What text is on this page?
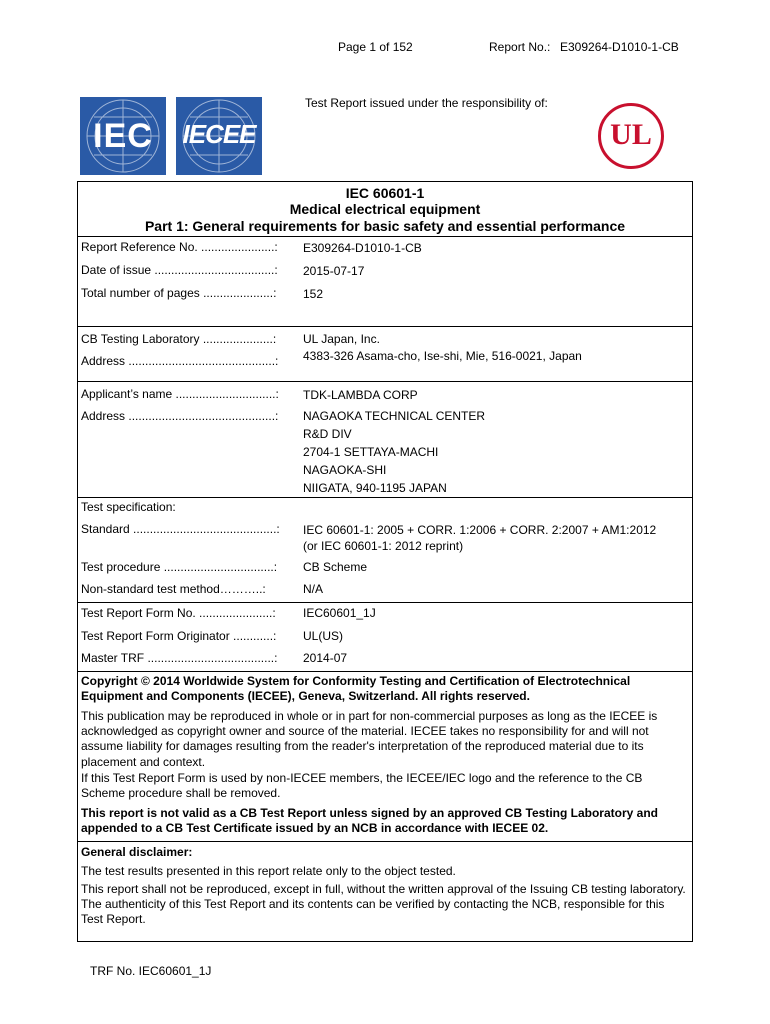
Page 1 of 152	Report No.: E309264-D1010-1-CB
IEC	IECEE
Test Report issued under the responsibility of:
UL
IEC 60601-1
Medical electrical equipment
Part 1: General requirements for basic safety and essential performance
Report Reference No. ......................: E309264-D1010-1-CB
Date of issue ....................................: 2015-07-17
Total number of pages .....................: 152
CB Testing Laboratory .....................: UL Japan, Inc.
Address ............................................: 4383-326 Asama-cho, Ise-shi, Mie, 516-0021, Japan
Applicant’s name ..............................: TDK-LAMBDA CORP
Address ............................................: NAGAOKA TECHNICAL CENTER
R&D DIV
2704-1 SETTAYA-MACHI
NAGAOKA-SHI
NIIGATA, 940-1195 JAPAN
Test specification:
Standard ...........................................: IEC 60601-1: 2005 + CORR. 1:2006 + CORR. 2:2007 + AM1:2012
(or IEC 60601-1: 2012 reprint)
Test procedure .................................: CB Scheme
Non-standard test method………..:	N/A
Test Report Form No. ......................: IEC60601_1J
Test Report Form Originator ............: UL(US)
Master TRF ......................................: 2014-07
Copyright © 2014 Worldwide System for Conformity Testing and Certification of Electrotechnical Equipment and Components (IECEE), Geneva, Switzerland. All rights reserved.
This publication may be reproduced in whole or in part for non-commercial purposes as long as the IECEE is acknowledged as copyright owner and source of the material. IECEE takes no responsibility for and will not assume liability for damages resulting from the reader's interpretation of the reproduced material due to its placement and context.
If this Test Report Form is used by non-IECEE members, the IECEE/IEC logo and the reference to the CB Scheme procedure shall be removed.
This report is not valid as a CB Test Report unless signed by an approved CB Testing Laboratory and appended to a CB Test Certificate issued by an NCB in accordance with IECEE 02.
General disclaimer:
The test results presented in this report relate only to the object tested.
This report shall not be reproduced, except in full, without the written approval of the Issuing CB testing laboratory. The authenticity of this Test Report and its contents can be verified by contacting the NCB, responsible for this Test Report.
TRF No. IEC60601_1J
